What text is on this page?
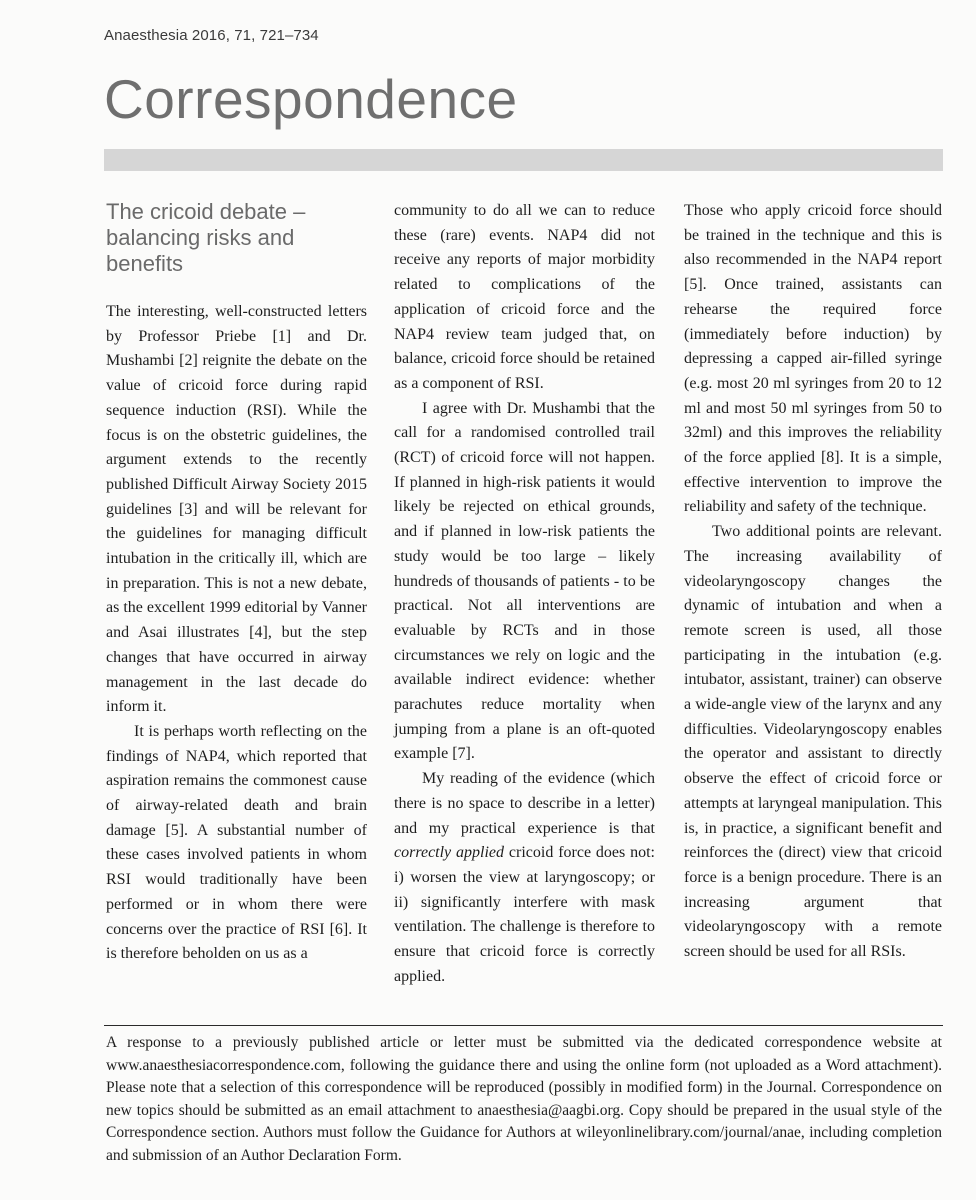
Anaesthesia 2016, 71, 721–734
Correspondence
The cricoid debate – balancing risks and benefits

The interesting, well-constructed letters by Professor Priebe [1] and Dr. Mushambi [2] reignite the debate on the value of cricoid force during rapid sequence induction (RSI). While the focus is on the obstetric guidelines, the argument extends to the recently published Difficult Airway Society 2015 guidelines [3] and will be relevant for the guidelines for managing difficult intubation in the critically ill, which are in preparation. This is not a new debate, as the excellent 1999 editorial by Vanner and Asai illustrates [4], but the step changes that have occurred in airway management in the last decade do inform it.

It is perhaps worth reflecting on the findings of NAP4, which reported that aspiration remains the commonest cause of airway-related death and brain damage [5]. A substantial number of these cases involved patients in whom RSI would traditionally have been performed or in whom there were concerns over the practice of RSI [6]. It is therefore beholden on us as a

community to do all we can to reduce these (rare) events. NAP4 did not receive any reports of major morbidity related to complications of the application of cricoid force and the NAP4 review team judged that, on balance, cricoid force should be retained as a component of RSI.

I agree with Dr. Mushambi that the call for a randomised controlled trail (RCT) of cricoid force will not happen. If planned in high-risk patients it would likely be rejected on ethical grounds, and if planned in low-risk patients the study would be too large – likely hundreds of thousands of patients - to be practical. Not all interventions are evaluable by RCTs and in those circumstances we rely on logic and the available indirect evidence: whether parachutes reduce mortality when jumping from a plane is an oft-quoted example [7].

My reading of the evidence (which there is no space to describe in a letter) and my practical experience is that correctly applied cricoid force does not: i) worsen the view at laryngoscopy; or ii) significantly interfere with mask ventilation. The challenge is therefore to ensure that cricoid force is correctly applied.

Those who apply cricoid force should be trained in the technique and this is also recommended in the NAP4 report [5]. Once trained, assistants can rehearse the required force (immediately before induction) by depressing a capped air-filled syringe (e.g. most 20 ml syringes from 20 to 12 ml and most 50 ml syringes from 50 to 32ml) and this improves the reliability of the force applied [8]. It is a simple, effective intervention to improve the reliability and safety of the technique.

Two additional points are relevant. The increasing availability of videolaryngoscopy changes the dynamic of intubation and when a remote screen is used, all those participating in the intubation (e.g. intubator, assistant, trainer) can observe a wide-angle view of the larynx and any difficulties. Videolaryngoscopy enables the operator and assistant to directly observe the effect of cricoid force or attempts at laryngeal manipulation. This is, in practice, a significant benefit and reinforces the (direct) view that cricoid force is a benign procedure. There is an increasing argument that videolaryngoscopy with a remote screen should be used for all RSIs.

A response to a previously published article or letter must be submitted via the dedicated correspondence website at www.anaesthesiacorrespondence.com, following the guidance there and using the online form (not uploaded as a Word attachment). Please note that a selection of this correspondence will be reproduced (possibly in modified form) in the Journal. Correspondence on new topics should be submitted as an email attachment to anaesthesia@aagbi.org. Copy should be prepared in the usual style of the Correspondence section. Authors must follow the Guidance for Authors at wileyonlinelibrary.com/journal/anae, including completion and submission of an Author Declaration Form.
